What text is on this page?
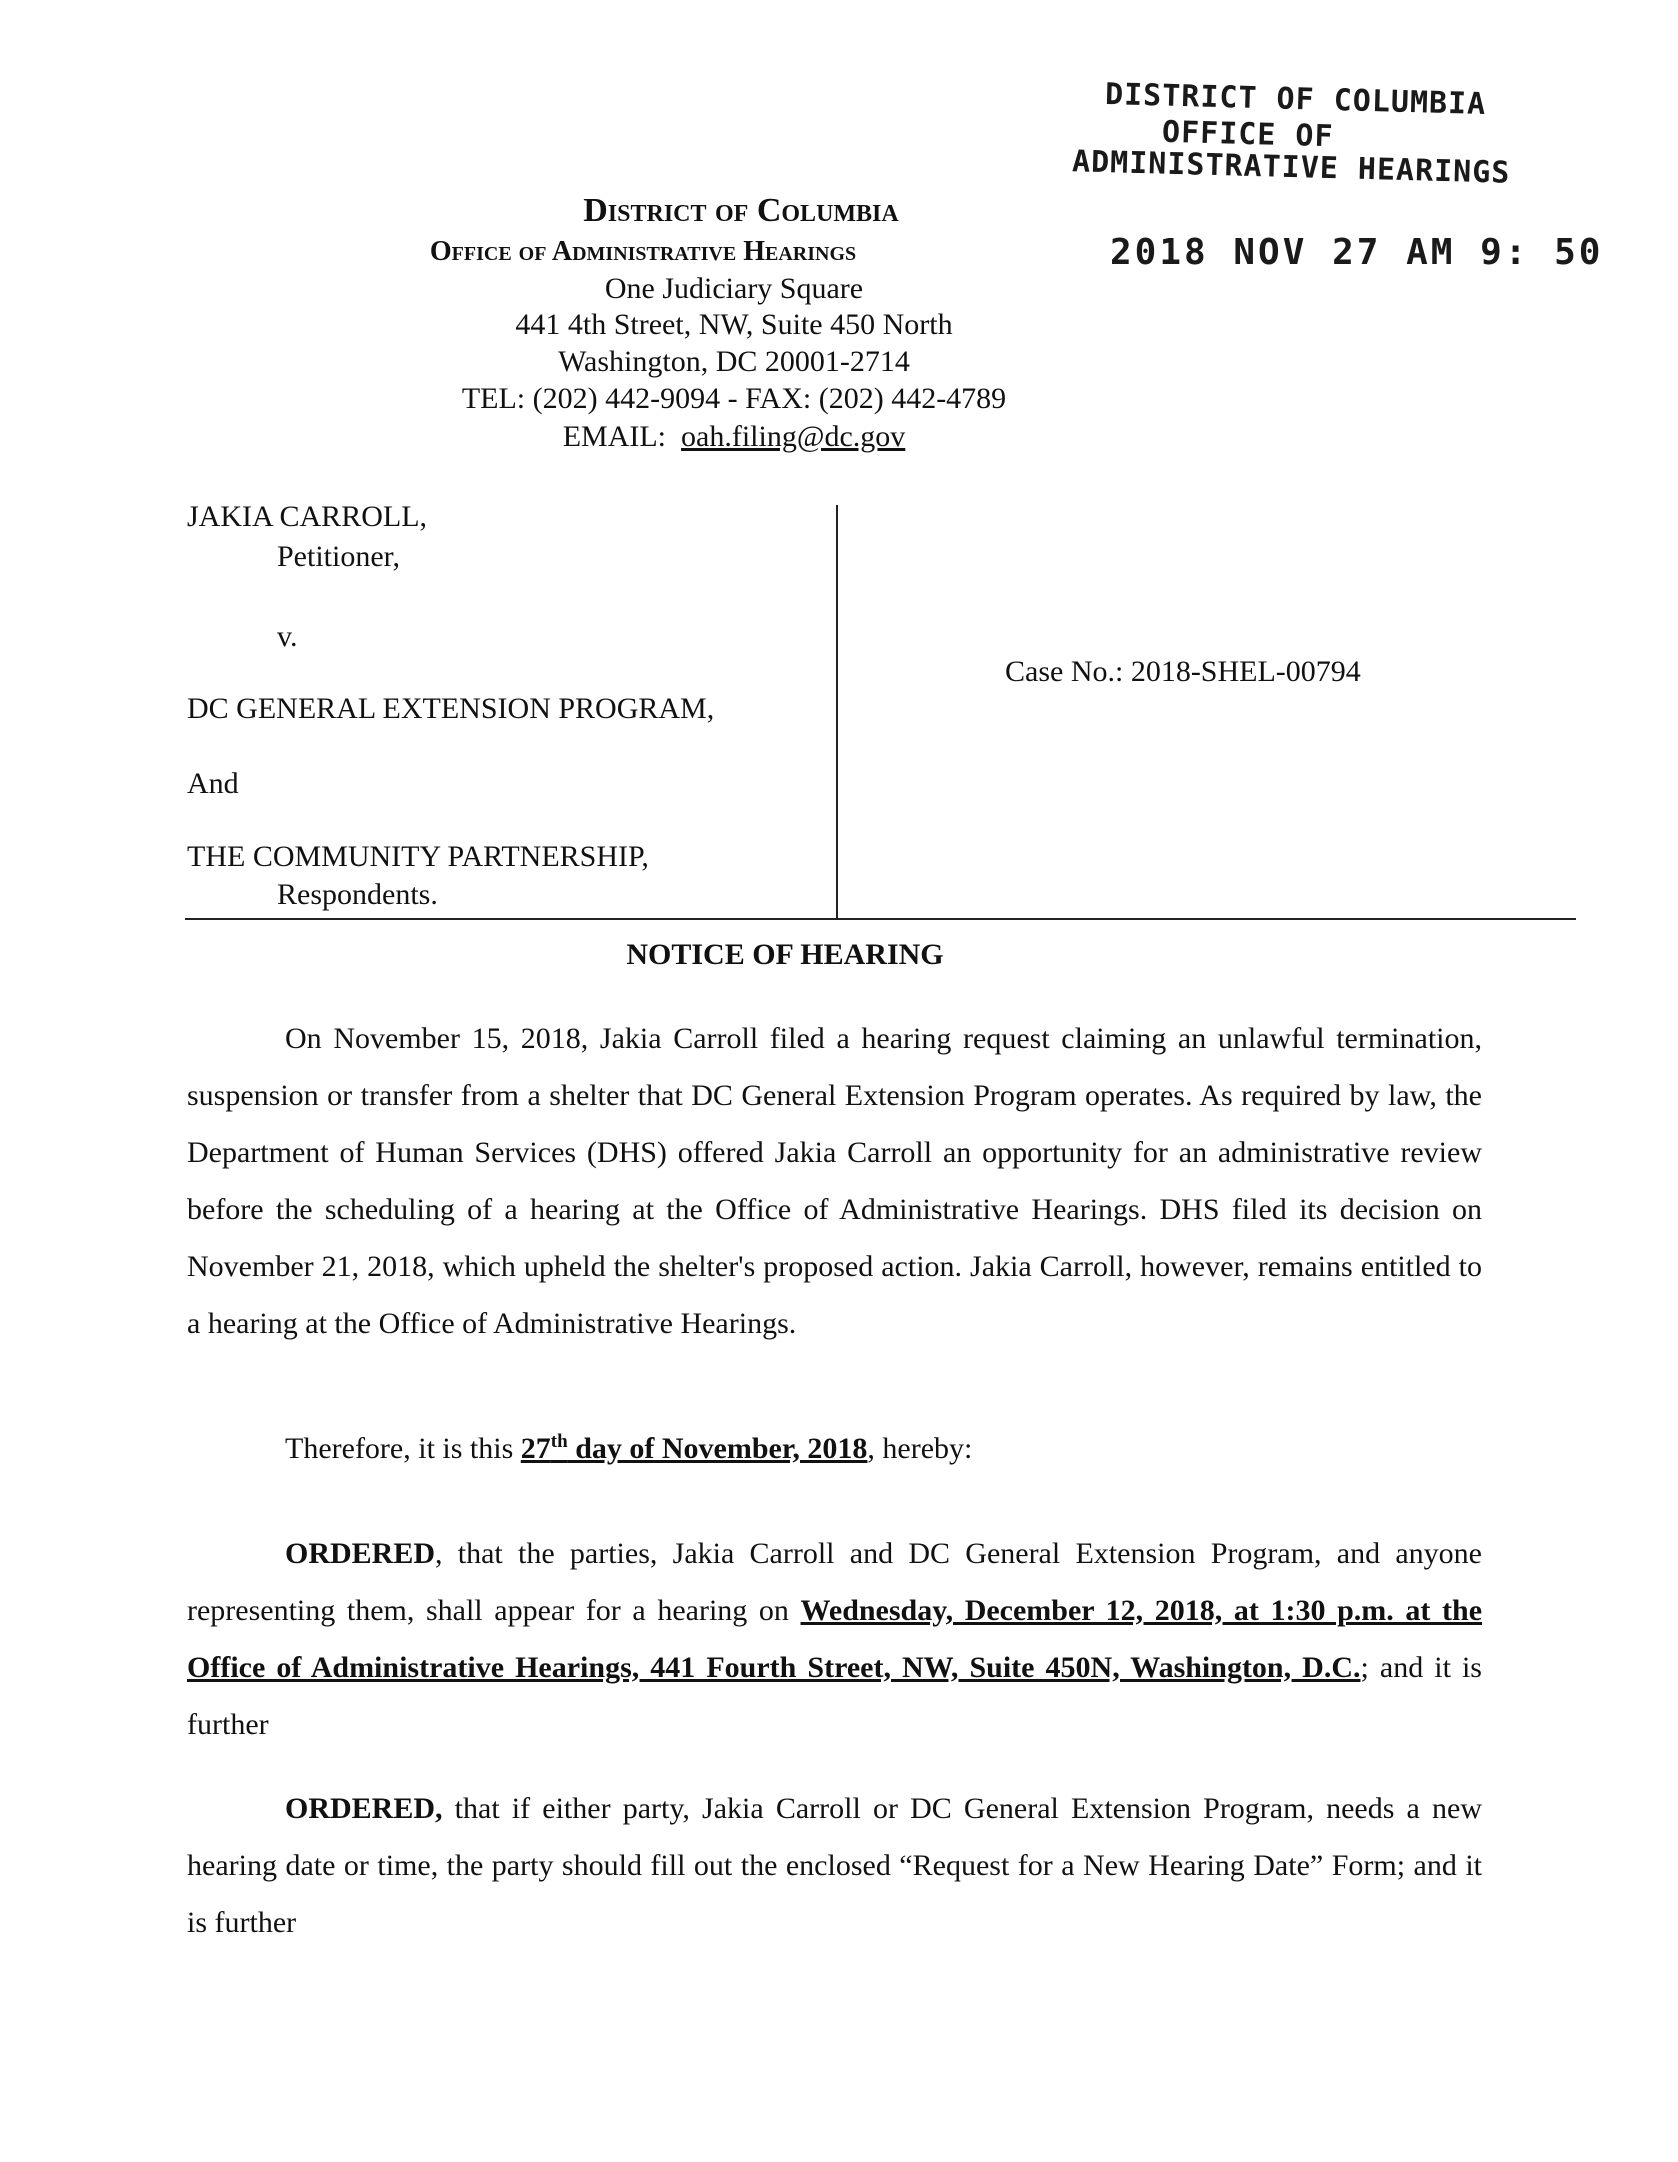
DISTRICT OF COLUMBIA
OFFICE OF
ADMINISTRATIVE HEARINGS
2018 NOV 27 AM 9: 50
District of Columbia
Office of Administrative Hearings
One Judiciary Square
441 4th Street, NW, Suite 450 North
Washington, DC 20001-2714
TEL: (202) 442-9094 - FAX: (202) 442-4789
EMAIL: oah.filing@dc.gov
JAKIA CARROLL,
Petitioner,
v.
DC GENERAL EXTENSION PROGRAM,
And
THE COMMUNITY PARTNERSHIP,
Respondents.
Case No.: 2018-SHEL-00794
NOTICE OF HEARING
On November 15, 2018, Jakia Carroll filed a hearing request claiming an unlawful termination, suspension or transfer from a shelter that DC General Extension Program operates. As required by law, the Department of Human Services (DHS) offered Jakia Carroll an opportunity for an administrative review before the scheduling of a hearing at the Office of Administrative Hearings. DHS filed its decision on November 21, 2018, which upheld the shelter's proposed action. Jakia Carroll, however, remains entitled to a hearing at the Office of Administrative Hearings.
Therefore, it is this 27th day of November, 2018, hereby:
ORDERED, that the parties, Jakia Carroll and DC General Extension Program, and anyone representing them, shall appear for a hearing on Wednesday, December 12, 2018, at 1:30 p.m. at the Office of Administrative Hearings, 441 Fourth Street, NW, Suite 450N, Washington, D.C.; and it is further
ORDERED, that if either party, Jakia Carroll or DC General Extension Program, needs a new hearing date or time, the party should fill out the enclosed “Request for a New Hearing Date” Form; and it is further
